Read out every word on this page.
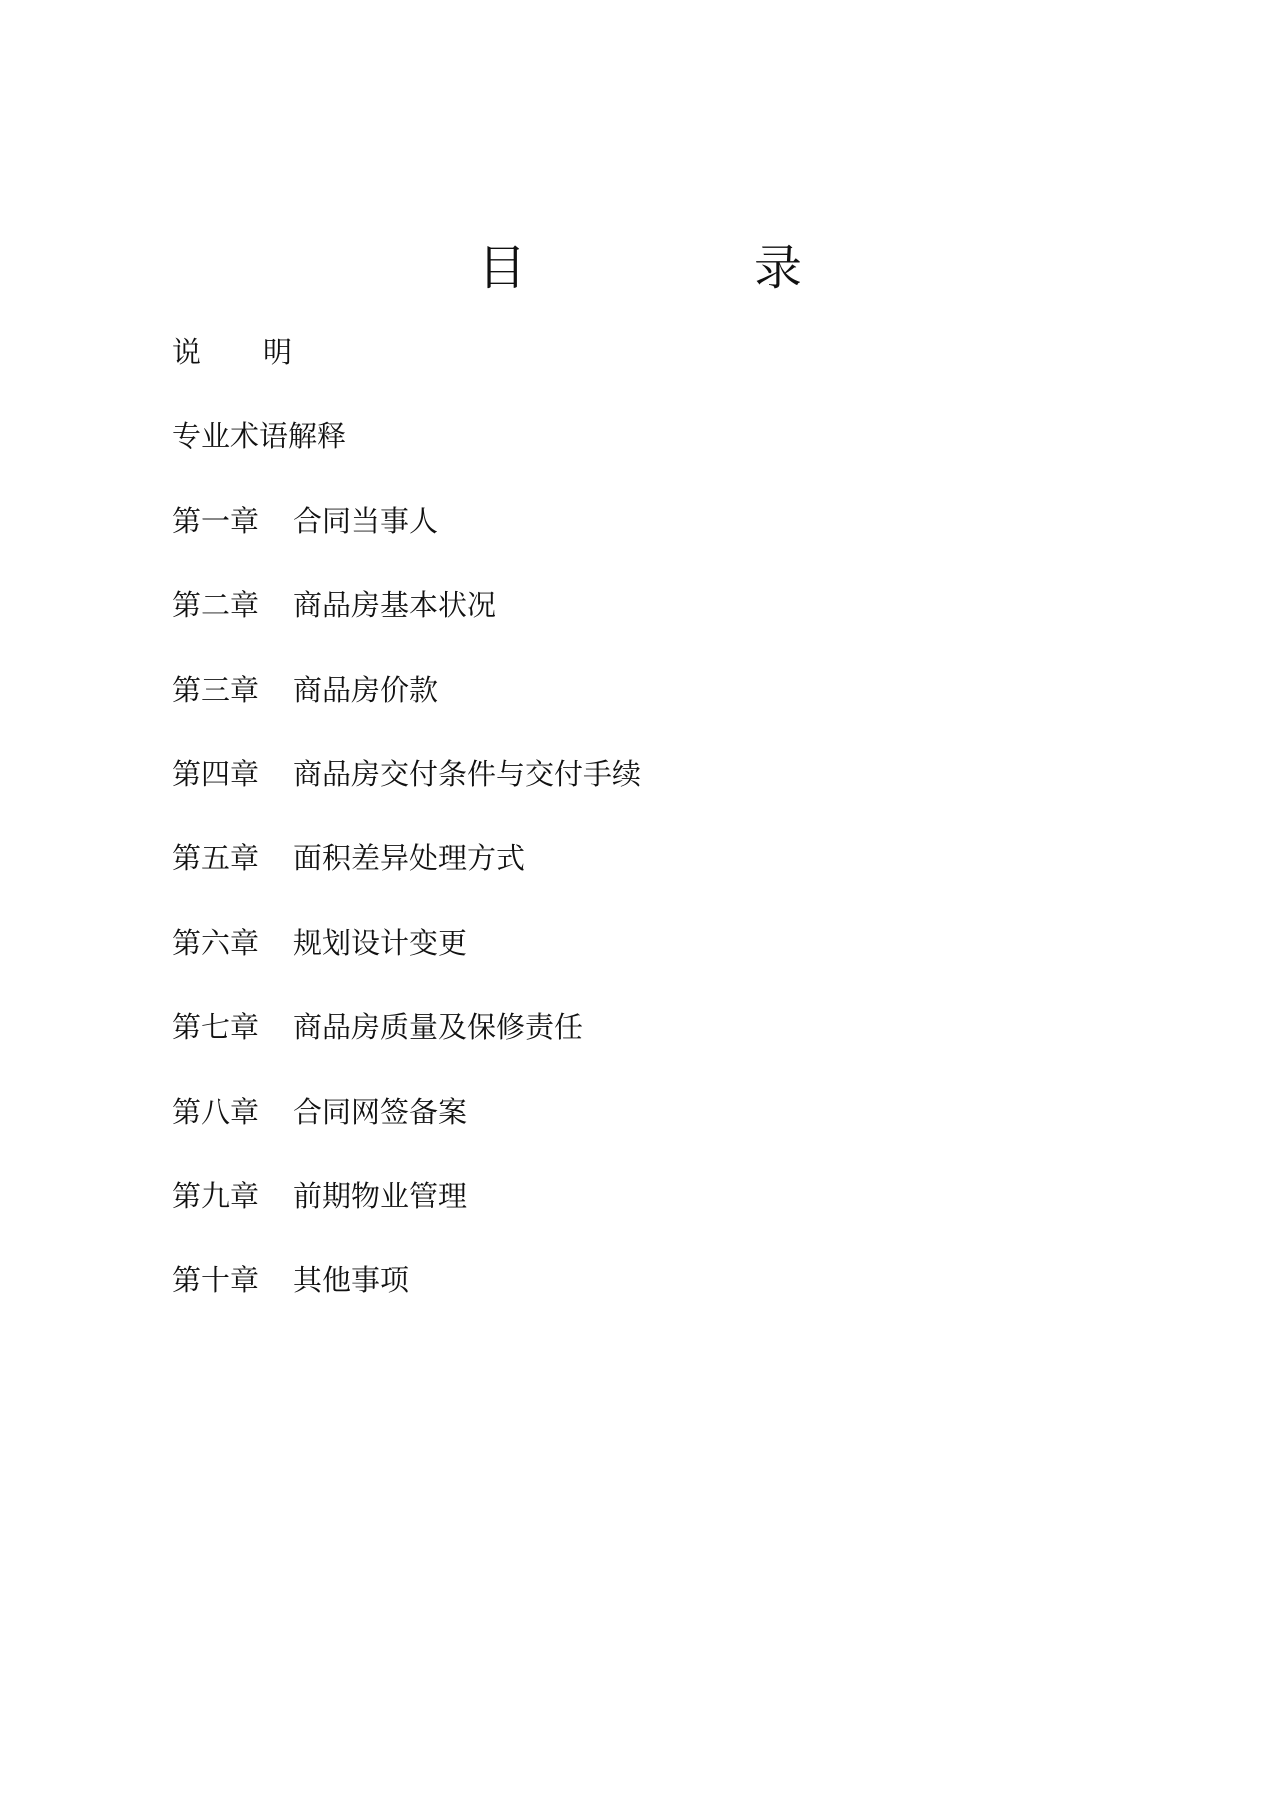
目　录
说明
专业术语解释
第一章	合同当事人
第二章	商品房基本状况
第三章	商品房价款
第四章	商品房交付条件与交付手续
第五章	面积差异处理方式
第六章	规划设计变更
第七章	商品房质量及保修责任
第八章	合同网签备案
第九章	前期物业管理
第十章	其他事项
